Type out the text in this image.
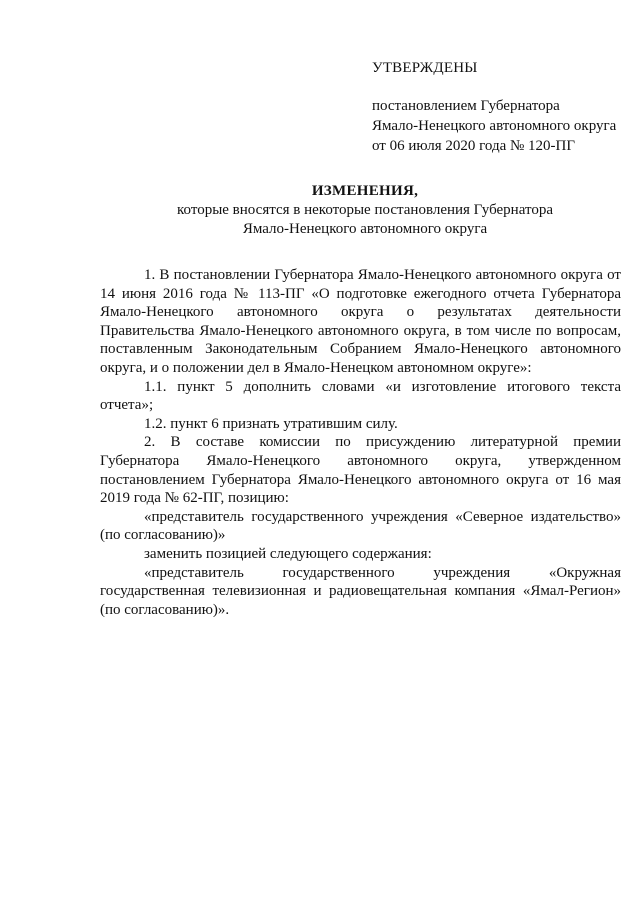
УТВЕРЖДЕНЫ
постановлением Губернатора
Ямало-Ненецкого автономного округа
от 06 июля 2020 года № 120-ПГ
ИЗМЕНЕНИЯ,
которые вносятся в некоторые постановления Губернатора
Ямало-Ненецкого автономного округа

1. В постановлении Губернатора Ямало-Ненецкого автономного округа от 14 июня 2016 года № 113-ПГ «О подготовке ежегодного отчета Губернатора Ямало-Ненецкого автономного округа о результатах деятельности Правительства Ямало-Ненецкого автономного округа, в том числе по вопросам, поставленным Законодательным Собранием Ямало-Ненецкого автономного округа, и о положении дел в Ямало-Ненецком автономном округе»:

1.1. пункт 5 дополнить словами «и изготовление итогового текста отчета»;

1.2. пункт 6 признать утратившим силу.

2. В составе комиссии по присуждению литературной премии Губернатора Ямало-Ненецкого автономного округа, утвержденном постановлением Губернатора Ямало-Ненецкого автономного округа от 16 мая 2019 года № 62-ПГ, позицию:

«представитель государственного учреждения «Северное издательство» (по согласованию)»

заменить позицией следующего содержания:

«представитель государственного учреждения «Окружная государственная телевизионная и радиовещательная компания «Ямал-Регион» (по согласованию)».
